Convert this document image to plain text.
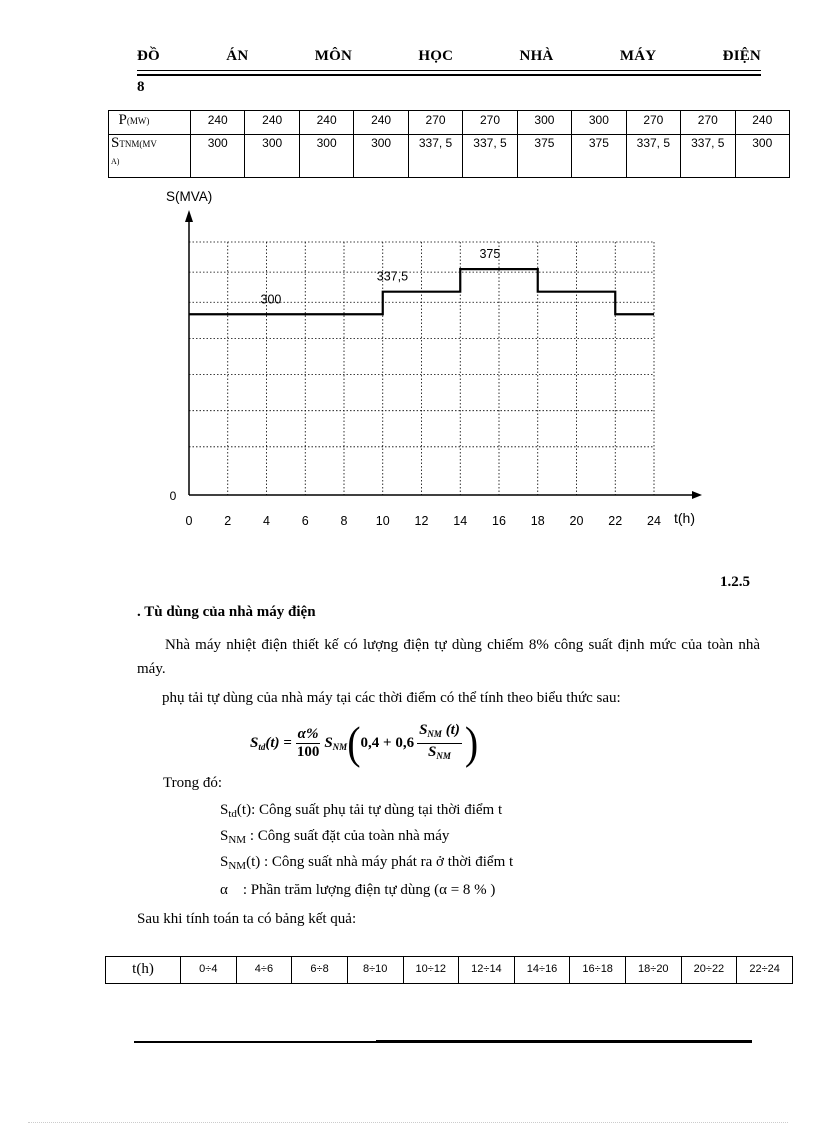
ĐỒ	ÁN	MÔN	HỌC	NHÀ	MÁY	ĐIỆN
8
P(MW)	240	240	240	240	270	270	300	300	270	270	240
STNM(MV
A)	300	300	300	300	337, 5	337, 5	375	375	337, 5	337, 5	300
0	2	4	6	8 10 12 14 16 18 20 22 24
0
S(MVA)
t(h)
300
337,5
375
1.2.5
. Tù dùng của nhà máy điện
Nhà máy nhiệt điện thiết kế có lượng điện tự dùng chiếm 8% công suất định mức của toàn nhà máy.
phụ tải tự dùng của nhà máy tại các thời điểm có thể tính theo biểu thức sau:
$S_{td}(t) = \frac{\alpha\%}{100} S_{NM}$ ( $0,4 + 0,6 \frac{S_{NM} (t)}{S_{NM}}$ )
Trong đó:
$S_{td}(t)$: Công suất phụ tải tự dùng tại thời điểm t
$S_{NM}$ : Công suất đặt của toàn nhà máy
$S_{NM}(t)$ : Công suất nhà máy phát ra ở thời điểm t
α    : Phần trăm lượng điện tự dùng (α = 8 % )
Sau khi tính toán ta có bảng kết quả:
t(h)	0÷4	4÷6	6÷8	8÷10	10÷12	12÷14	14÷16	16÷18	18÷20	20÷22	22÷24
